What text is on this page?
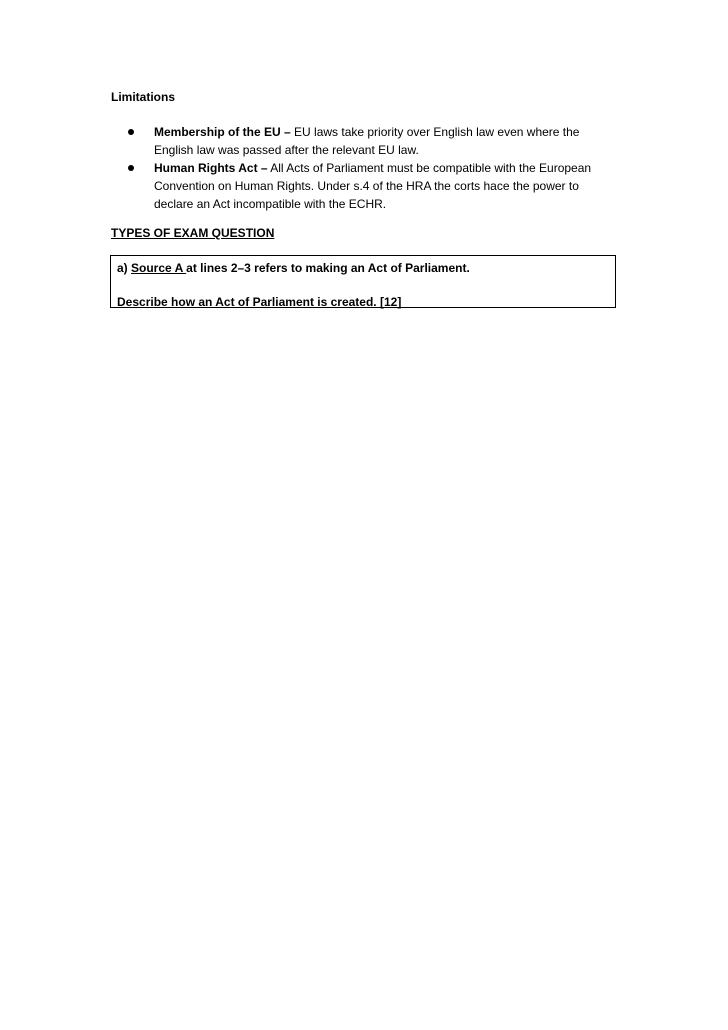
Limitations
Membership of the EU – EU laws take priority over English law even where the English law was passed after the relevant EU law.
Human Rights Act – All Acts of Parliament must be compatible with the European Convention on Human Rights. Under s.4 of the HRA the corts hace the power to declare an Act incompatible with the ECHR.
TYPES OF EXAM QUESTION
a) Source A at lines 2–3 refers to making an Act of Parliament.
Describe how an Act of Parliament is created. [12]
